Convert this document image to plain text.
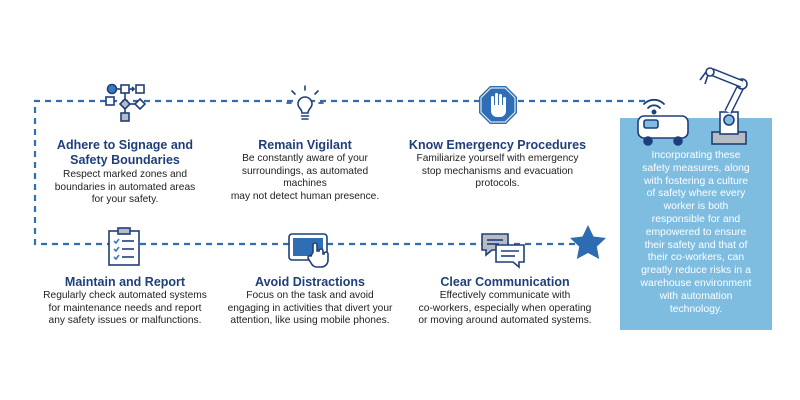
Adhere to Signage and
Safety Boundaries
Respect marked zones and
boundaries in automated areas
for your safety.
Remain Vigilant
Be constantly aware of your
surroundings, as automated machines
may not detect human presence.
Know Emergency Procedures
Familiarize yourself with emergency
stop mechanisms and evacuation
protocols.
Maintain and Report
Regularly check automated systems
for maintenance needs and report
any safety issues or malfunctions.
Avoid Distractions
Focus on the task and avoid
engaging in activities that divert your
attention, like using mobile phones.
Clear Communication
Effectively communicate with
co-workers, especially when operating
or moving around automated systems.
Incorporating these
safety measures, along
with fostering a culture
of safety where every
worker is both
responsible for and
empowered to ensure
their safety and that of
their co-workers, can
greatly reduce risks in a
warehouse environment
with automation
technology.
